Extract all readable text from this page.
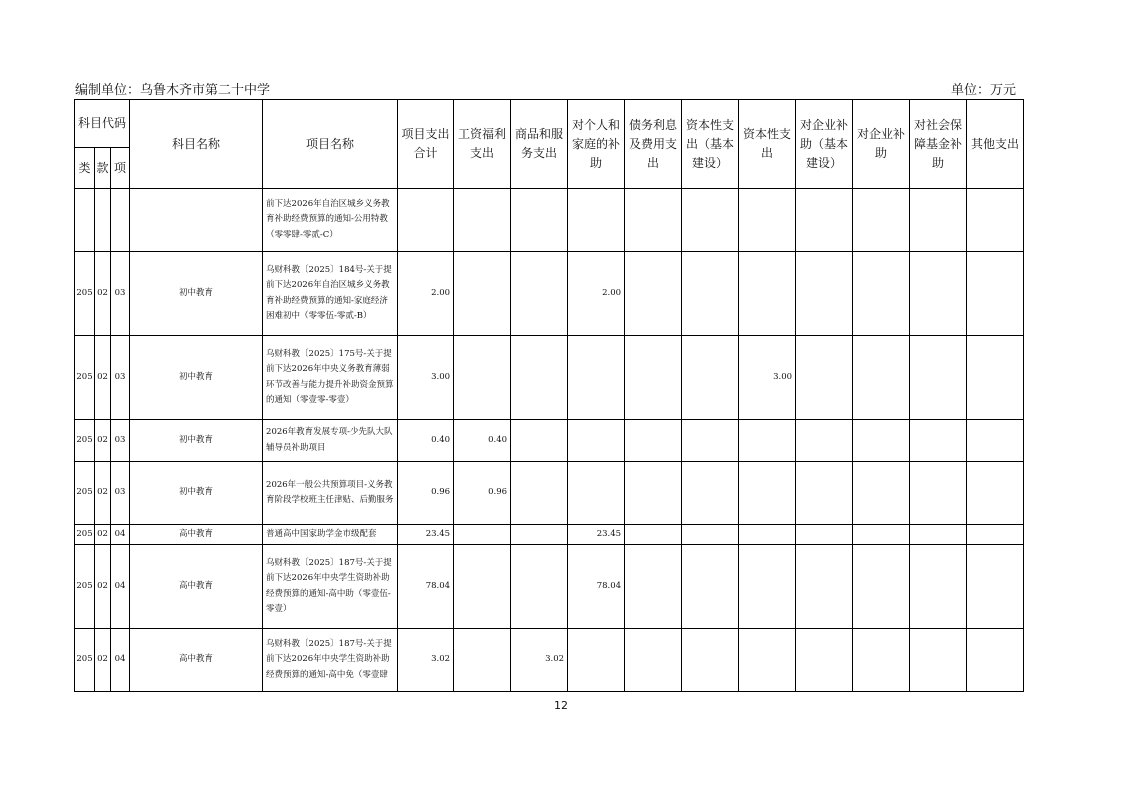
编制单位：乌鲁木齐市第二十中学	单位：万元
科目代码			科目名称	项目名称	项目支出合计	工资福利支出	商品和服务支出	对个人和家庭的补助	债务利息及费用支出	资本性支出（基本建设）	资本性支出	对企业补助（基本建设）	对企业补助	对社会保障基金补助	其他支出
类	款	项													
				前下达2026年自治区城乡义务教育补助经费预算的通知-公用特教（零零肆-零贰-C）											
205	02	03	初中教育	乌财科教〔2025〕184号-关于提前下达2026年自治区城乡义务教育补助经费预算的通知-家庭经济困难初中（零零伍-零贰-B）	2.00			2.00							
205	02	03	初中教育	乌财科教〔2025〕175号-关于提前下达2026年中央义务教育薄弱环节改善与能力提升补助资金预算的通知（零壹零-零壹）	3.00						3.00				
205	02	03	初中教育	2026年教育发展专项-少先队大队辅导员补助项目	0.40	0.40									
205	02	03	初中教育	2026年一般公共预算项目-义务教育阶段学校班主任津贴、后勤服务	0.96	0.96									
205	02	04	高中教育	普通高中国家助学金市级配套	23.45			23.45							
205	02	04	高中教育	乌财科教〔2025〕187号-关于提前下达2026年中央学生资助补助经费预算的通知-高中助（零壹伍-零壹）	78.04			78.04							
205	02	04	高中教育	乌财科教〔2025〕187号-关于提前下达2026年中央学生资助补助经费预算的通知-高中免（零壹肆	3.02		3.02								
12
